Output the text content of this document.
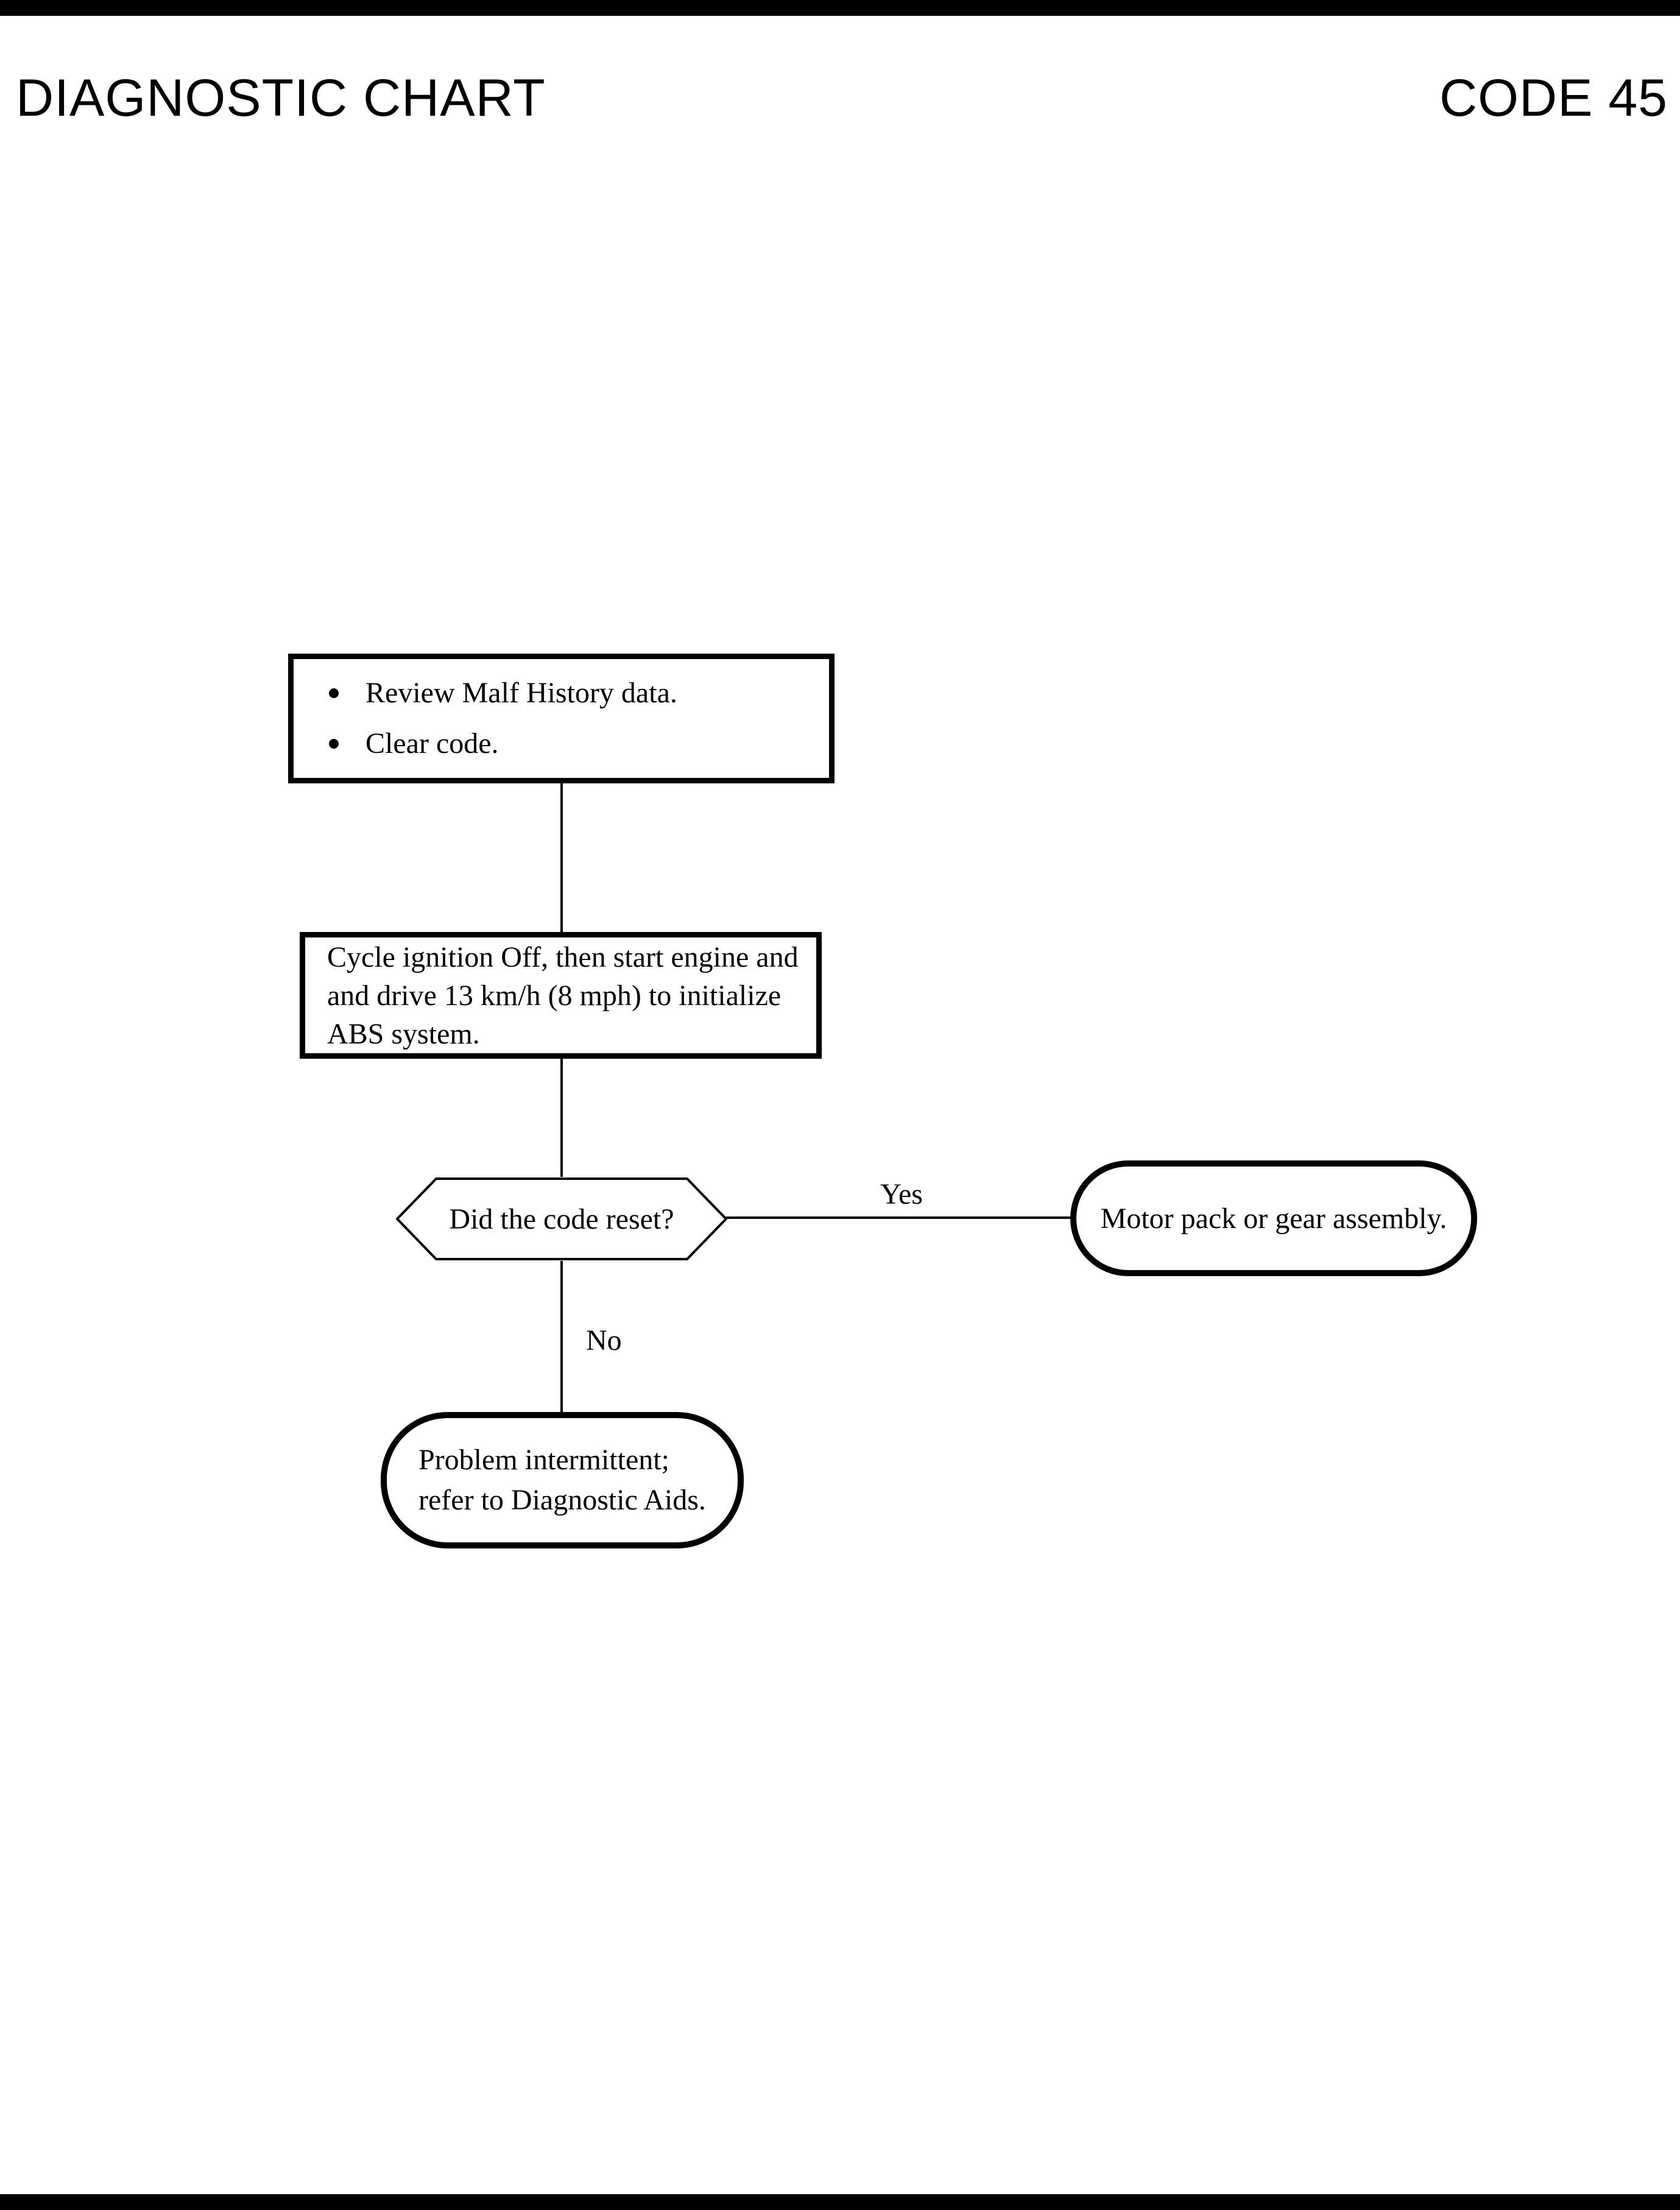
DIAGNOSTIC CHART	CODE 45
Review Malf History data.
Clear code.
Cycle ignition Off, then start engine and
and drive 13 km/h (8 mph) to initialize
ABS system.
Did the code reset?
Yes
Motor pack or gear assembly.
No
Problem intermittent;
refer to Diagnostic Aids.
